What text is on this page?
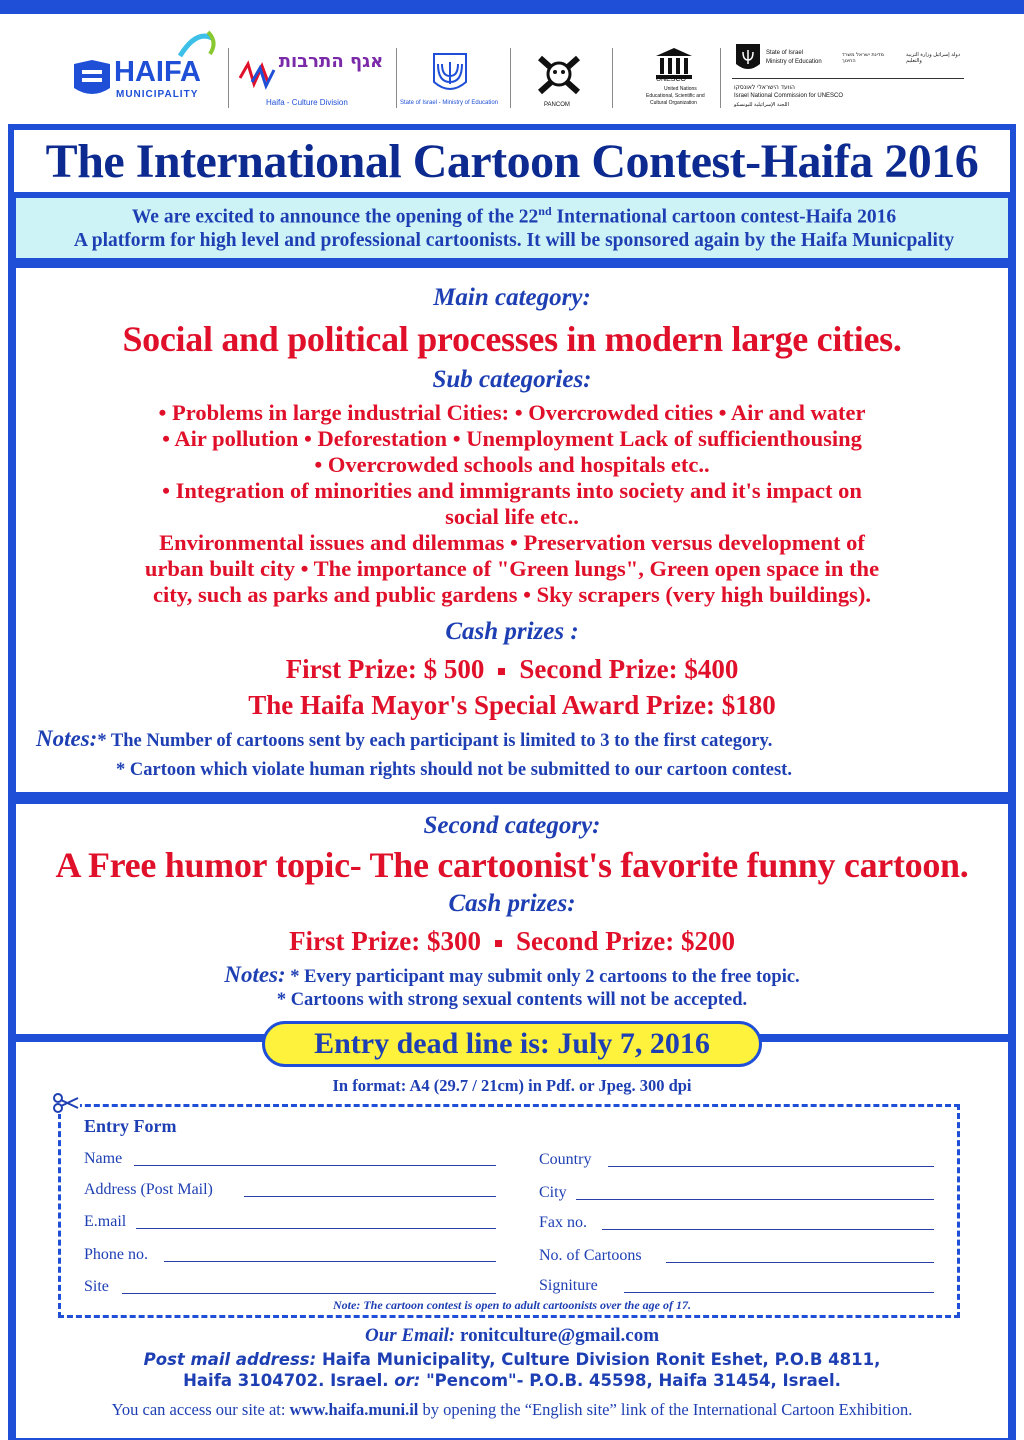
HAIFA
MUNICIPALITY
אגף התרבות
Haifa - Culture Division	State of Israel - Ministry of Education	PANCOM
UNESCO
United Nations
Educational, Scientific and
Cultural Organization
State of Israel
Ministry of Education
מדינת ישראל משרד החינוך
دولة إسرائيل وزارة التربية والتعليم
הוועד הישראלי לאונסקו
Israel National Commission for UNESCO
اللجنة الإسرائيلية لليونسكو
The International Cartoon Contest-Haifa 2016
We are excited to announce the opening of the 22nd International cartoon contest-Haifa 2016
A platform for high level and professional cartoonists. It will be sponsored again by the Haifa Municpality
Main category:
Social and political processes in modern large cities.
Sub categories:
• Problems in large industrial Cities: • Overcrowded cities • Air and water
• Air pollution • Deforestation • Unemployment Lack of sufficienthousing
• Overcrowded schools and hospitals etc..
• Integration of minorities and immigrants into society and it's impact on
social life etc..
Environmental issues and dilemmas • Preservation versus development of
urban built city • The importance of "Green lungs", Green open space in the
city, such as parks and public gardens • Sky scrapers (very high buildings).
Cash prizes :
First Prize: $ 500 Second Prize: $400
The Haifa Mayor's Special Award Prize: $180
Notes:* The Number of cartoons sent by each participant is limited to 3 to the first category.
* Cartoon which violate human rights should not be submitted to our cartoon contest.
Second category:
A Free humor topic- The cartoonist's favorite funny cartoon.
Cash prizes:
First Prize: $300 Second Prize: $200
Notes: * Every participant may submit only 2 cartoons to the free topic.
* Cartoons with strong sexual contents will not be accepted.
Entry dead line is: July 7, 2016
In format: A4 (29.7 / 21cm) in Pdf. or Jpeg. 300 dpi
Entry Form
Name
Address (Post Mail)
E.mail
Phone no.
Site
Country
City
Fax no.
No. of Cartoons
Signiture
Note: The cartoon contest is open to adult cartoonists over the age of 17.
Our Email: ronitculture@gmail.com
Post mail address: Haifa Municipality, Culture Division Ronit Eshet, P.O.B 4811,
Haifa 3104702. Israel. or: "Pencom"- P.O.B. 45598, Haifa 31454, Israel.
You can access our site at: www.haifa.muni.il by opening the “English site” link of the International Cartoon Exhibition.
